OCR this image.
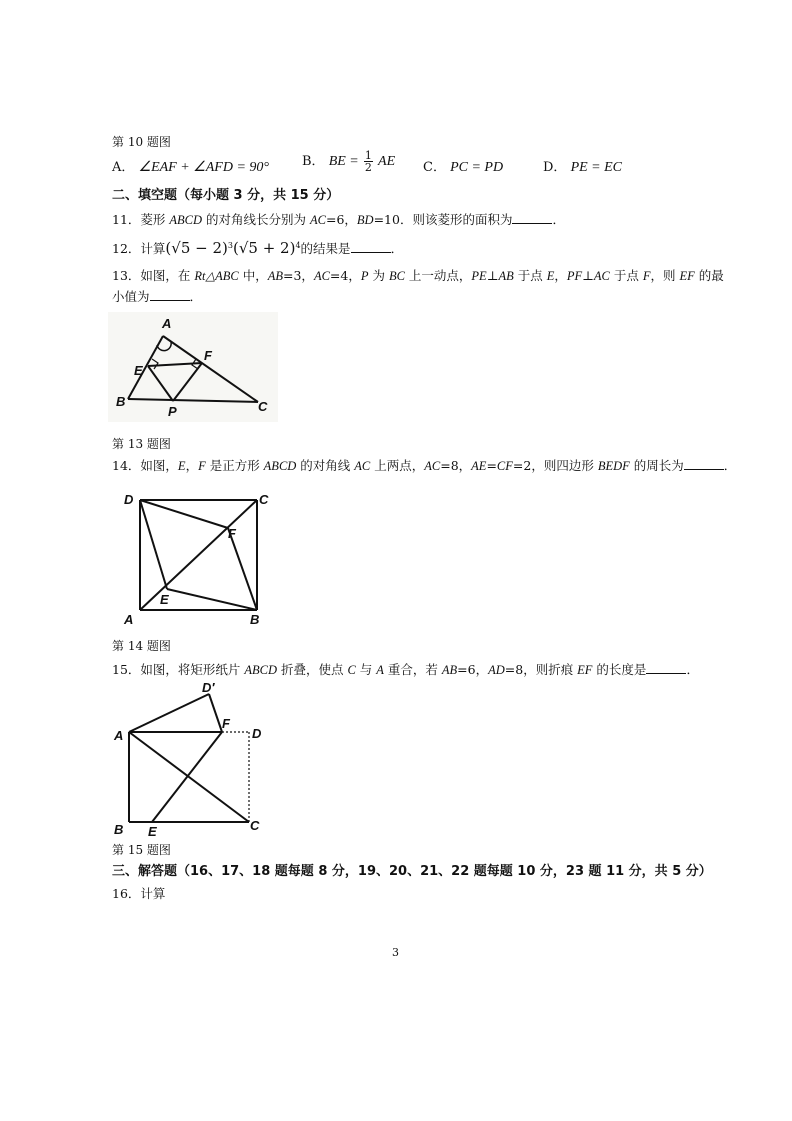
第 10 题图
A． ∠EAF + ∠AFD = 90°	B． BE = $\frac{1}{2}$ AE C． PC = PD	D． PE = EC
二、填空题（每小题 3 分，共 15 分）
11．菱形 ABCD 的对角线长分别为 AC=6，BD=10．则该菱形的面积为	．
12．计算$(√5 - 2)^3(√5 + 2)^4$的结果是	．
13．如图，在 Rt△ABC 中，AB=3，AC=4，P 为 BC 上一动点，PE⊥AB 于点 E，PF⊥AC 于点 F，则 EF 的最
小值为	．
A
F
E
B
P	C
第 13 题图
14．如图，E，F 是正方形 ABCD 的对角线 AC 上两点，AC=8，AE=CF=2，则四边形 BEDF 的周长为	．
D	C
F
E
A	B
第 14 题图
15．如图，将矩形纸片 ABCD 折叠，使点 C 与 A 重合，若 AB=6，AD=8，则折痕 EF 的长度是	．
D′
A
F
D
B E	C
第 15 题图
三、解答题（16、17、18 题每题 8 分，19、20、21、22 题每题 10 分，23 题 11 分，共 5 分）
16．计算
3
